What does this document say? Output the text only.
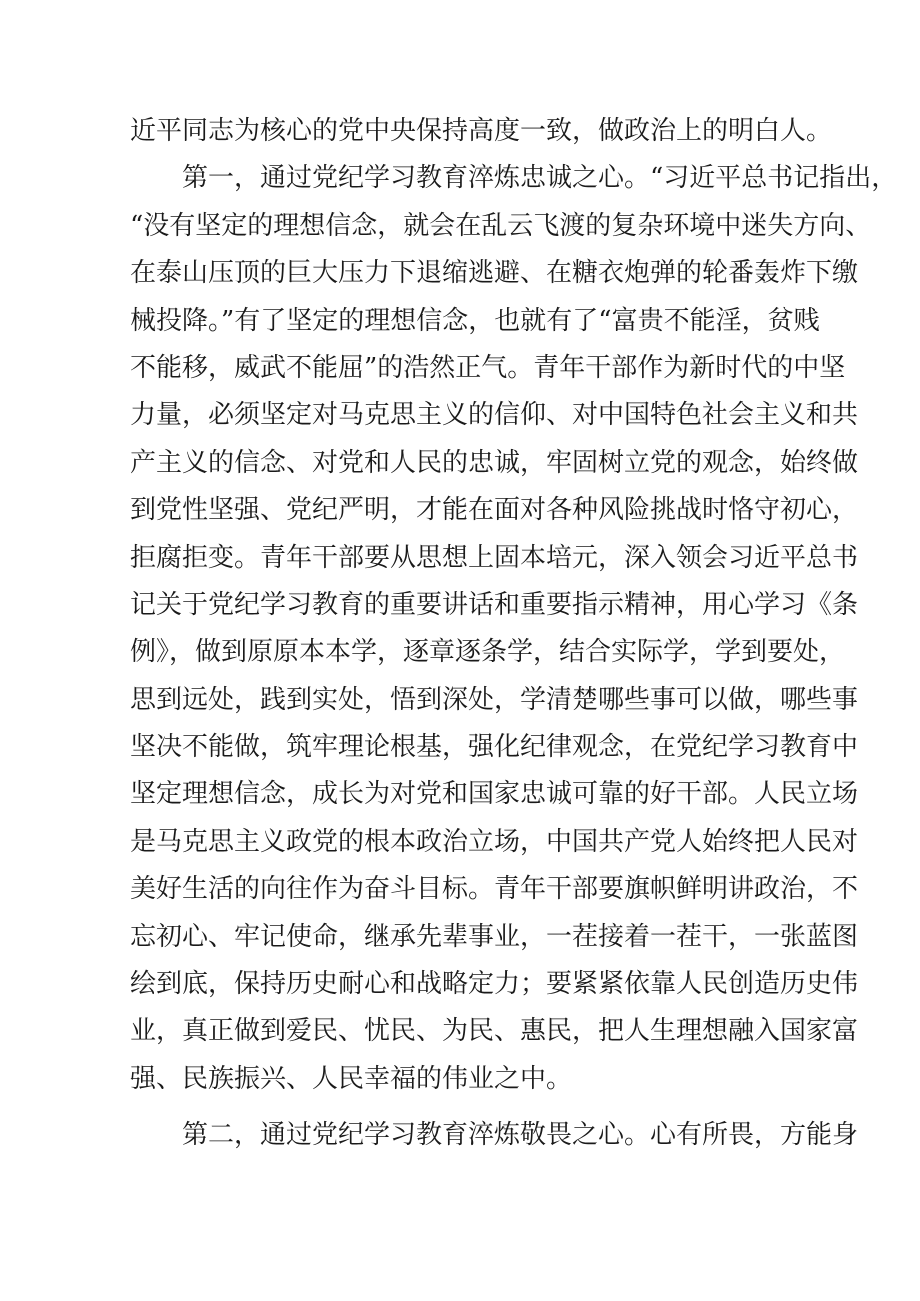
近平同志为核心的党中央保持高度一致，做政治上的明白人。
　　第一，通过党纪学习教育淬炼忠诚之心。“习近平总书记指出，
“没有坚定的理想信念，就会在乱云飞渡的复杂环境中迷失方向、
在泰山压顶的巨大压力下退缩逃避、在糖衣炮弹的轮番轰炸下缴
械投降。”有了坚定的理想信念，也就有了“富贵不能淫，贫贱
不能移，威武不能屈”的浩然正气。青年干部作为新时代的中坚
力量，必须坚定对马克思主义的信仰、对中国特色社会主义和共
产主义的信念、对党和人民的忠诚，牢固树立党的观念，始终做
到党性坚强、党纪严明，才能在面对各种风险挑战时恪守初心，
拒腐拒变。青年干部要从思想上固本培元，深入领会习近平总书
记关于党纪学习教育的重要讲话和重要指示精神，用心学习《条
例》，做到原原本本学，逐章逐条学，结合实际学，学到要处，
思到远处，践到实处，悟到深处，学清楚哪些事可以做，哪些事
坚决不能做，筑牢理论根基，强化纪律观念，在党纪学习教育中
坚定理想信念，成长为对党和国家忠诚可靠的好干部。人民立场
是马克思主义政党的根本政治立场，中国共产党人始终把人民对
美好生活的向往作为奋斗目标。青年干部要旗帜鲜明讲政治，不
忘初心、牢记使命，继承先辈事业，一茬接着一茬干，一张蓝图
绘到底，保持历史耐心和战略定力；要紧紧依靠人民创造历史伟
业，真正做到爱民、忧民、为民、惠民，把人生理想融入国家富
强、民族振兴、人民幸福的伟业之中。
　　第二，通过党纪学习教育淬炼敬畏之心。心有所畏，方能身
